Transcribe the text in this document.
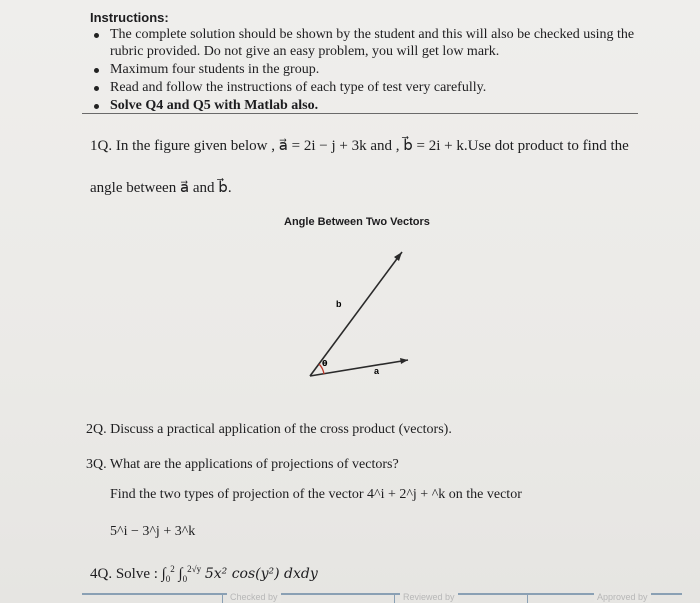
Instructions:
The complete solution should be shown by the student and this will also be checked using the rubric provided. Do not give an easy problem, you will get low mark.
Maximum four students in the group.
Read and follow the instructions of each type of test very carefully.
Solve Q4 and Q5 with Matlab also.
1Q. In the figure given below , a⃗ = 2i − j + 3k and , b⃗ = 2i + k.Use dot product to find the
angle between a⃗ and b⃗.
Angle Between Two Vectors
b
a
θ
2Q. Discuss a practical application of the cross product (vectors).
3Q. What are the applications of projections of vectors?
Find the two types of projection of the vector 4^i + 2^j + ^k on the vector
5^i − 3^j + 3^k
4Q. Solve : $\int_0^2$ $\int_0^{2√y}$ 5x² cos(y²) dxdy
Checked by	Reviewed by	Approved by
